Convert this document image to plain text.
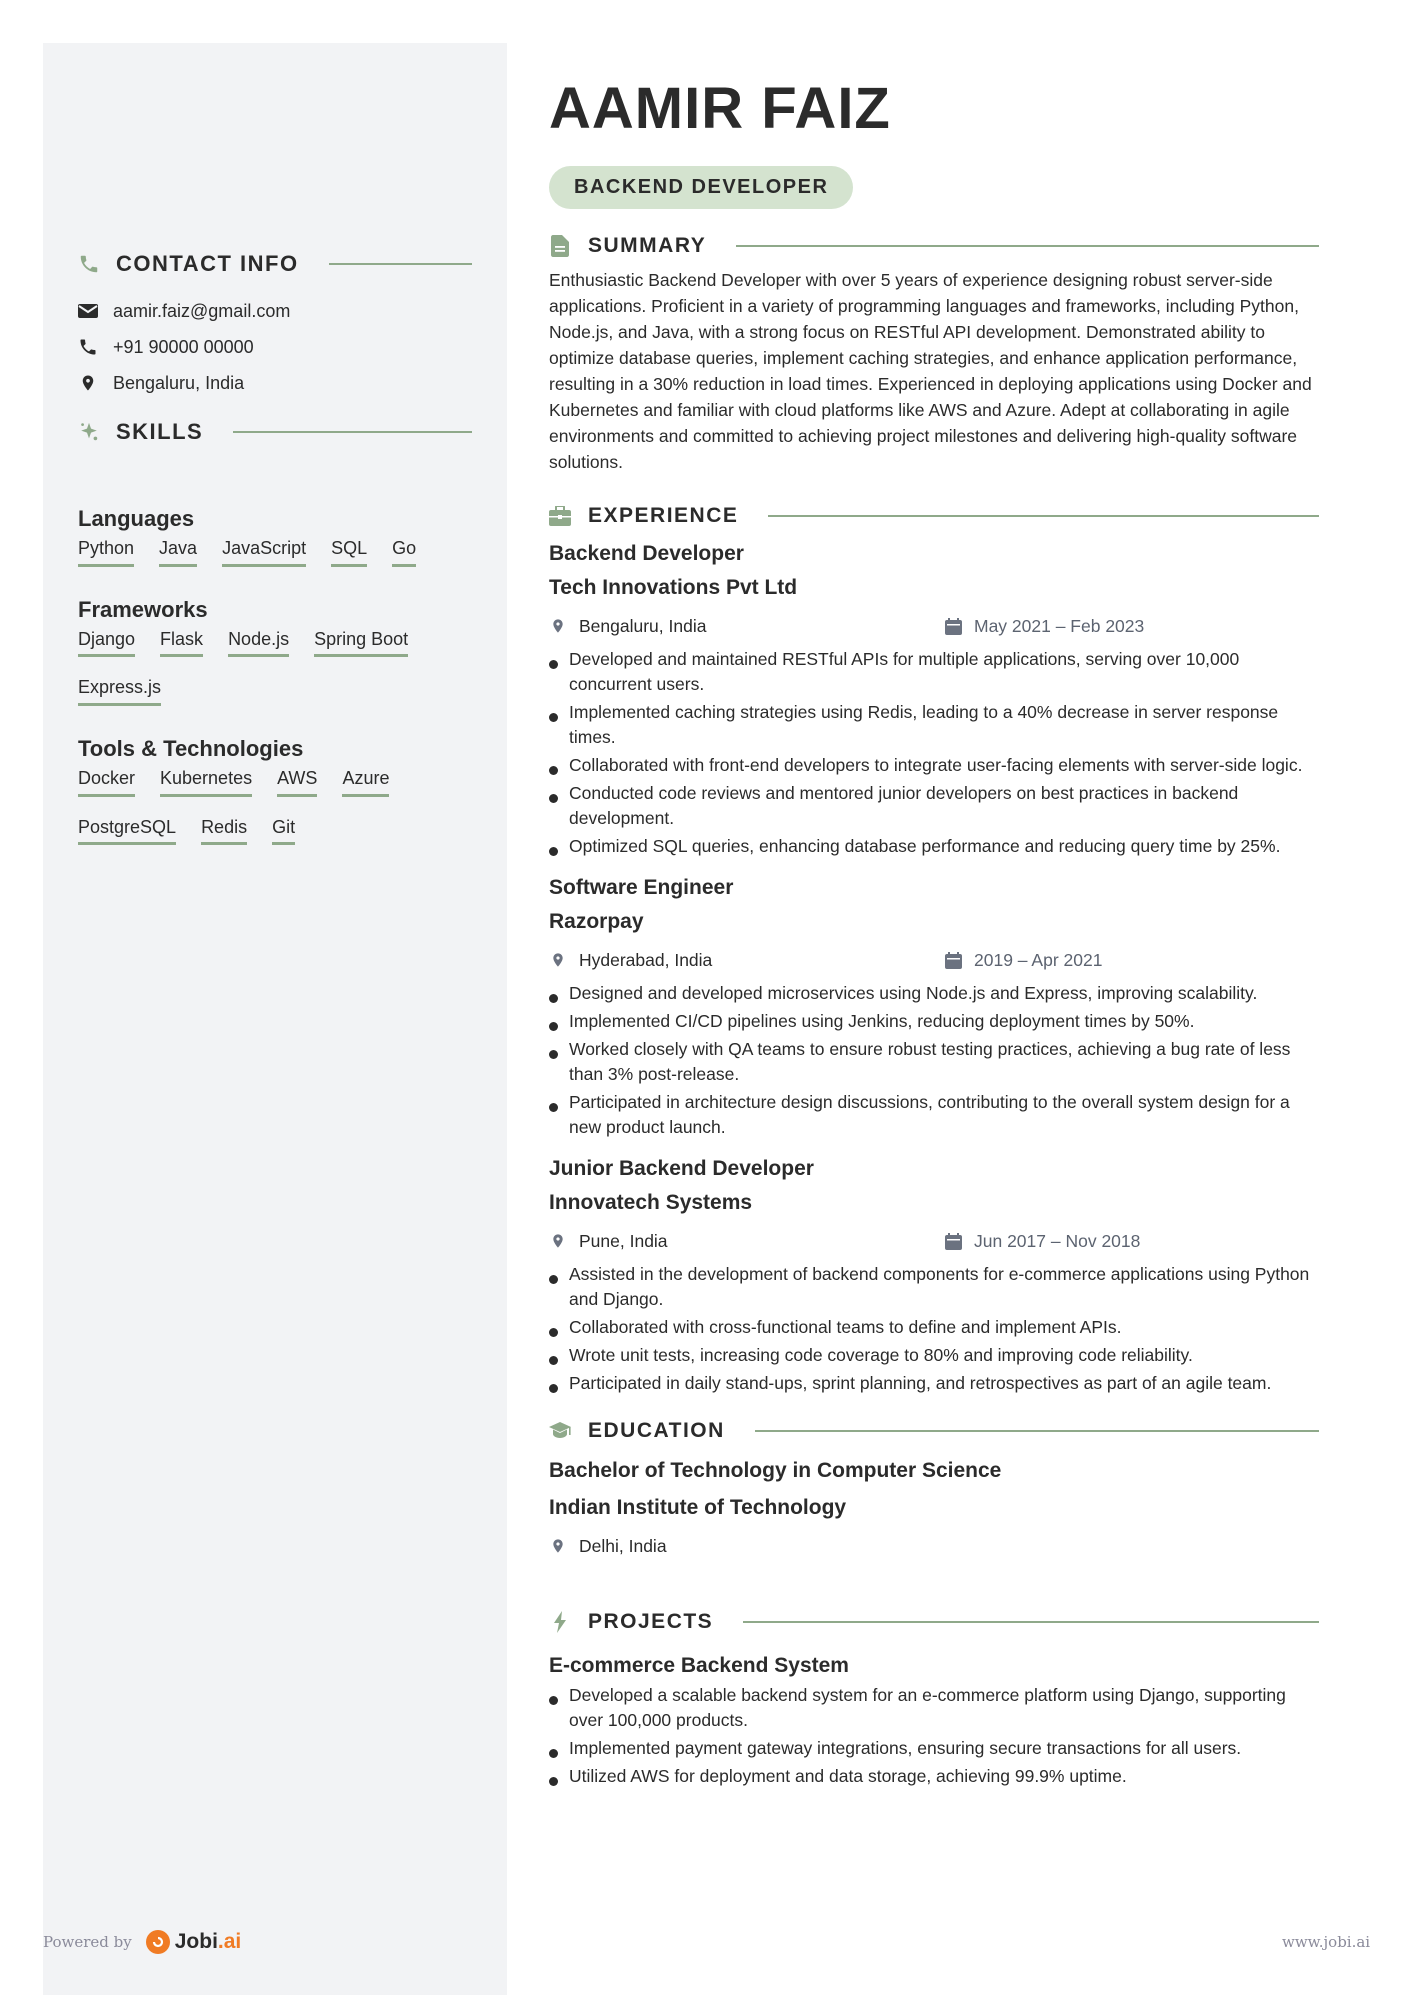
CONTACT INFO
aamir.faiz@gmail.com
+91 90000 00000
Bengaluru, India
SKILLS
Languages
Python Java JavaScript SQL Go
Frameworks
Django Flask Node.js Spring Boot
Express.js
Tools & Technologies
Docker Kubernetes AWS Azure
PostgreSQL Redis Git
AAMIR FAIZ
BACKEND DEVELOPER
SUMMARY

Enthusiastic Backend Developer with over 5 years of experience designing robust server-side applications. Proficient in a variety of programming languages and frameworks, including Python, Node.js, and Java, with a strong focus on RESTful API development. Demonstrated ability to optimize database queries, implement caching strategies, and enhance application performance, resulting in a 30% reduction in load times. Experienced in deploying applications using Docker and Kubernetes and familiar with cloud platforms like AWS and Azure. Adept at collaborating in agile environments and committed to achieving project milestones and delivering high-quality software solutions.

EXPERIENCE
Backend Developer
Tech Innovations Pvt Ltd
Bengaluru, India	May 2021 – Feb 2023
Developed and maintained RESTful APIs for multiple applications, serving over 10,000 concurrent users.
Implemented caching strategies using Redis, leading to a 40% decrease in server response times.
Collaborated with front-end developers to integrate user-facing elements with server-side logic.
Conducted code reviews and mentored junior developers on best practices in backend development.
Optimized SQL queries, enhancing database performance and reducing query time by 25%.
Software Engineer
Razorpay
Hyderabad, India	2019 – Apr 2021
Designed and developed microservices using Node.js and Express, improving scalability.
Implemented CI/CD pipelines using Jenkins, reducing deployment times by 50%.
Worked closely with QA teams to ensure robust testing practices, achieving a bug rate of less than 3% post-release.
Participated in architecture design discussions, contributing to the overall system design for a new product launch.
Junior Backend Developer
Innovatech Systems
Pune, India	Jun 2017 – Nov 2018
Assisted in the development of backend components for e-commerce applications using Python and Django.
Collaborated with cross-functional teams to define and implement APIs.
Wrote unit tests, increasing code coverage to 80% and improving code reliability.
Participated in daily stand-ups, sprint planning, and retrospectives as part of an agile team.
EDUCATION
Bachelor of Technology in Computer Science
Indian Institute of Technology
Delhi, India
PROJECTS
E-commerce Backend System
Developed a scalable backend system for an e-commerce platform using Django, supporting over 100,000 products.
Implemented payment gateway integrations, ensuring secure transactions for all users.
Utilized AWS for deployment and data storage, achieving 99.9% uptime.
Powered by Jobi.ai	www.jobi.ai
